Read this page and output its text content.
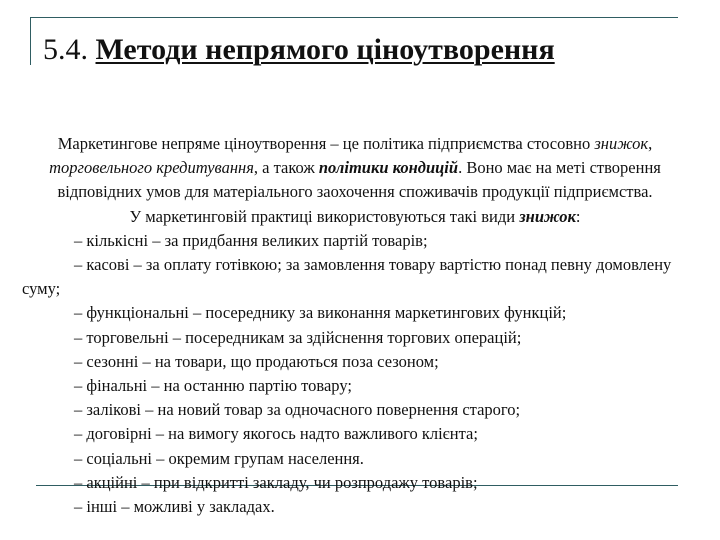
5.4. Методи непрямого ціноутворення

Маркетингове непряме ціноутворення – це політика підприємства стосовно знижок, торговельного кредитування, а також політики кондицій. Воно має на меті створення відповідних умов для матеріального заохочення споживачів продукції підприємства.

У маркетинговій практиці використовуються такі види знижок:

– кількісні – за придбання великих партій товарів;

– касові – за оплату готівкою; за замовлення товару вартістю понад певну домовлену суму;

– функціональні – посереднику за виконання маркетингових функцій;

– торговельні – посередникам за здійснення торгових операцій;

– сезонні – на товари, що продаються поза сезоном;

– фінальні – на останню партію товару;

– залікові – на новий товар за одночасного повернення старого;

– договірні – на вимогу якогось надто важливого клієнта;

– соціальні – окремим групам населення.

– акційні – при відкритті закладу, чи розпродажу товарів;

– інші – можливі у закладах.
